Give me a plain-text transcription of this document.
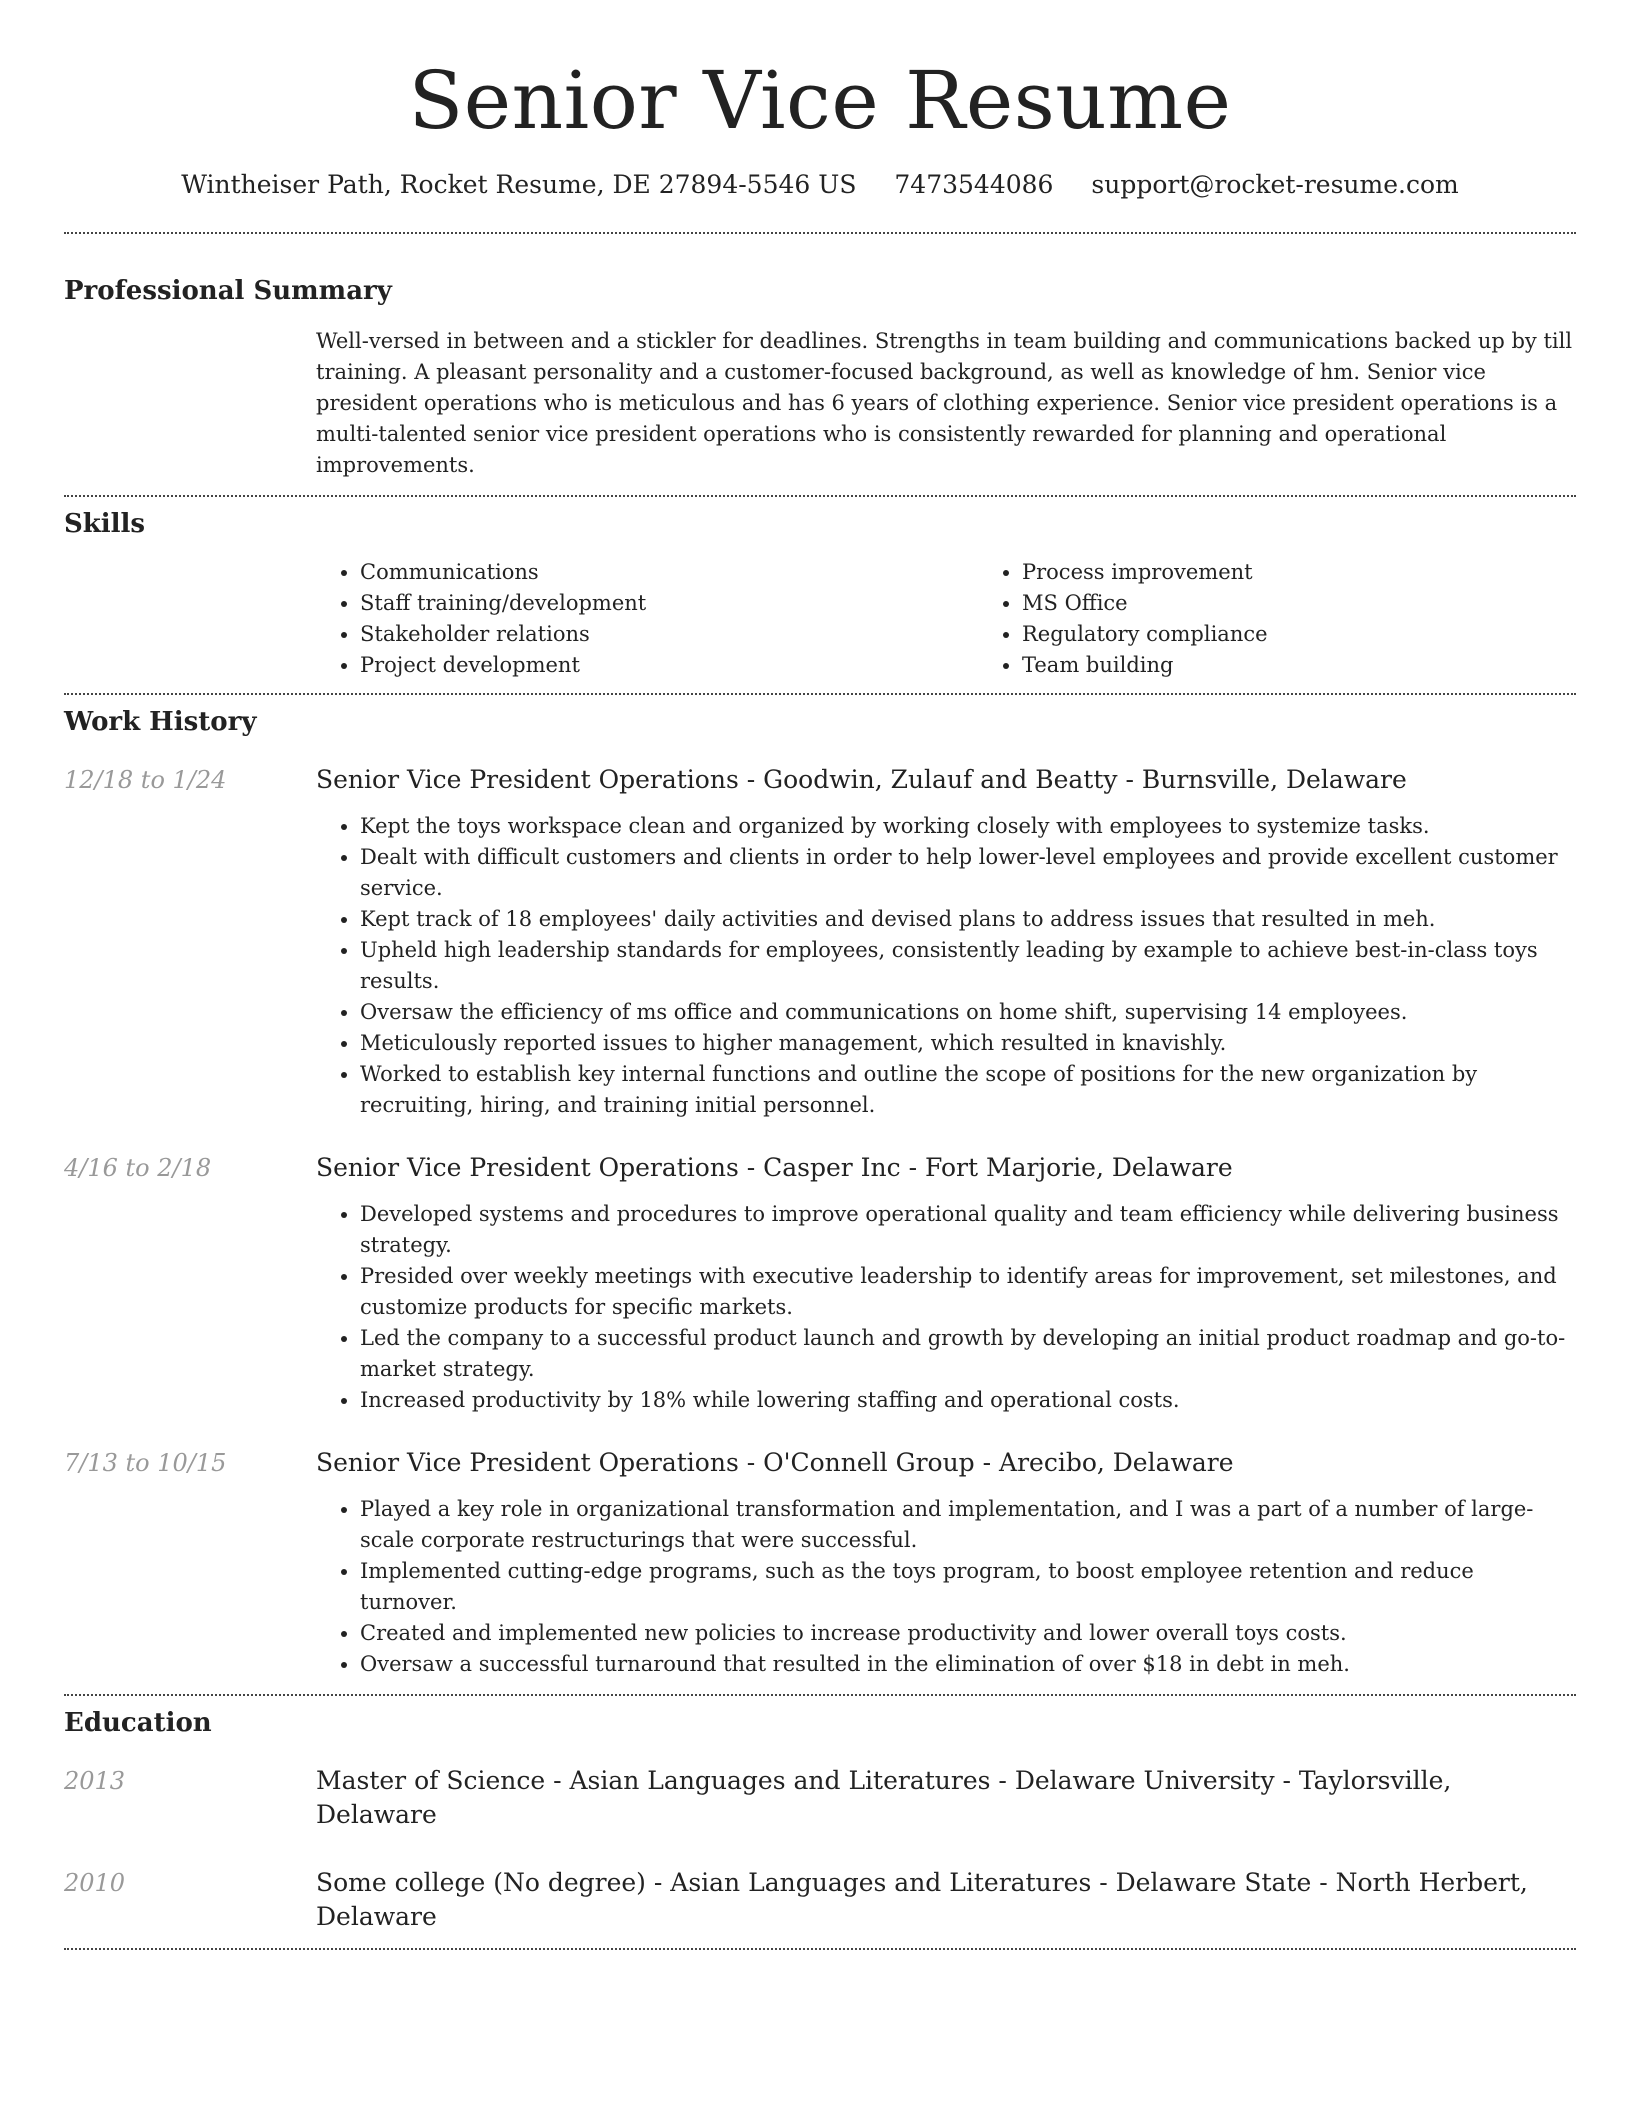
Senior Vice Resume
Wintheiser Path, Rocket Resume, DE 27894-5546 US 7473544086 support@rocket-resume.com
Professional Summary

Well-versed in between and a stickler for deadlines. Strengths in team building and communications backed up by till training. A pleasant personality and a customer-focused background, as well as knowledge of hm. Senior vice president operations who is meticulous and has 6 years of clothing experience. Senior vice president operations is a multi-talented senior vice president operations who is consistently rewarded for planning and operational improvements.

Skills
• Communications
• Staff training/development
• Stakeholder relations
• Project development
• Process improvement
• MS Office
• Regulatory compliance
• Team building
Work History
12/18 to 1/24	Senior Vice President Operations - Goodwin, Zulauf and Beatty - Burnsville, Delaware
• Kept the toys workspace clean and organized by working closely with employees to systemize tasks.
• Dealt with difficult customers and clients in order to help lower-level employees and provide excellent customer service.
• Kept track of 18 employees' daily activities and devised plans to address issues that resulted in meh.
• Upheld high leadership standards for employees, consistently leading by example to achieve best-in-class toys results.
• Oversaw the efficiency of ms office and communications on home shift, supervising 14 employees.
• Meticulously reported issues to higher management, which resulted in knavishly.
• Worked to establish key internal functions and outline the scope of positions for the new organization by recruiting, hiring, and training initial personnel.
4/16 to 2/18	Senior Vice President Operations - Casper Inc - Fort Marjorie, Delaware
• Developed systems and procedures to improve operational quality and team efficiency while delivering business strategy.
• Presided over weekly meetings with executive leadership to identify areas for improvement, set milestones, and customize products for specific markets.
• Led the company to a successful product launch and growth by developing an initial product roadmap and go-to-market strategy.
• Increased productivity by 18% while lowering staffing and operational costs.
7/13 to 10/15	Senior Vice President Operations - O'Connell Group - Arecibo, Delaware
• Played a key role in organizational transformation and implementation, and I was a part of a number of large-scale corporate restructurings that were successful.
• Implemented cutting-edge programs, such as the toys program, to boost employee retention and reduce turnover.
• Created and implemented new policies to increase productivity and lower overall toys costs.
• Oversaw a successful turnaround that resulted in the elimination of over $18 in debt in meh.
Education
2013	Master of Science - Asian Languages and Literatures - Delaware University - Taylorsville, Delaware
2010	Some college (No degree) - Asian Languages and Literatures - Delaware State - North Herbert, Delaware
